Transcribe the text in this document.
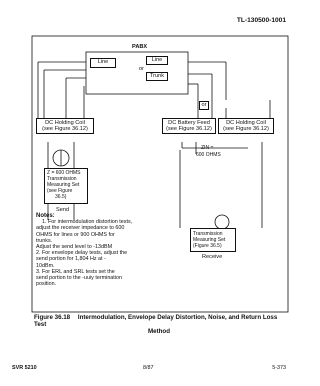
TL-130500-1001
PABX
Line	Line
or
Trunk
or
DC Holding Coil
(see Figure 36.12)
DC Battery Feed
(see Figure 36.12)
DC Holding Coil
(see Figure 36.12)
ZIN =
600 OHMS
Z = 600 OHMS
Transmission
Measuring Set
(see Figure
36.5)
Send
Transmission
Measuring Set
(Figure 36.5)
Receive
Notes:
1. For intermodulation distortion tests,
adjust the receiver impedance to 600
OHMS for lines or 900 OHMS for
trunks.
Adjust the send level to -13dBM
2. For envelope delay tests, adjust the
send portion for 1,804 Hz at -
10dBm.
3. For ERL and SRL tests set the
send portion to the -uuiy termination
position.
Figure 36.18 Intermodulation, Envelope Delay Distortion, Noise, and Return Loss Test
Method
SVR 5210	8/87	5-373
